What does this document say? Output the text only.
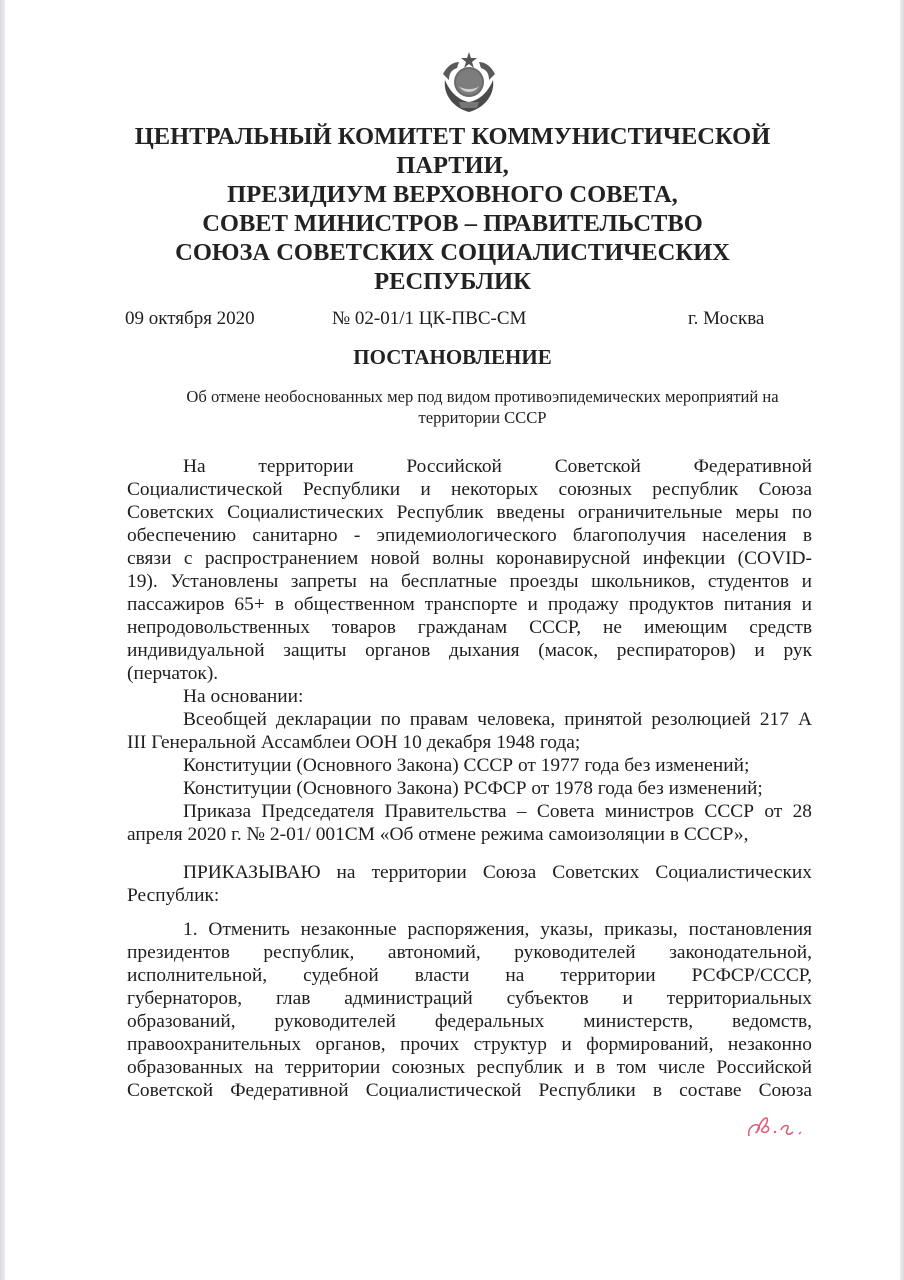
ЦЕНТРАЛЬНЫЙ КОМИТЕТ КОММУНИСТИЧЕСКОЙ
ПАРТИИ,
ПРЕЗИДИУМ ВЕРХОВНОГО СОВЕТА,
СОВЕТ МИНИСТРОВ – ПРАВИТЕЛЬСТВО
СОЮЗА СОВЕТСКИХ СОЦИАЛИСТИЧЕСКИХ
РЕСПУБЛИК
09 октября 2020	№ 02-01/1 ЦК-ПВС-СМ	г. Москва
ПОСТАНОВЛЕНИЕ
Об отмене необоснованных мер под видом противоэпидемических мероприятий на
территории СССР
На территории Российской Советской Федеративной
Социалистической Республики и некоторых союзных республик Союза
Советских Социалистических Республик введены ограничительные меры по
обеспечению санитарно - эпидемиологического благополучия населения в
связи с распространением новой волны коронавирусной инфекции (COVID-
19). Установлены запреты на бесплатные проезды школьников, студентов и
пассажиров 65+ в общественном транспорте и продажу продуктов питания и
непродовольственных товаров гражданам СССР, не имеющим средств
индивидуальной защиты органов дыхания (масок, респираторов) и рук
(перчаток).
На основании:
Всеобщей декларации по правам человека, принятой резолюцией 217 А
III Генеральной Ассамблеи ООН 10 декабря 1948 года;
Конституции (Основного Закона) СССР от 1977 года без изменений;
Конституции (Основного Закона) РСФСР от 1978 года без изменений;
Приказа Председателя Правительства – Совета министров СССР от 28
апреля 2020 г. № 2-01/ 001СМ «Об отмене режима самоизоляции в СССР»,
ПРИКАЗЫВАЮ на территории Союза Советских Социалистических
Республик:
1. Отменить незаконные распоряжения, указы, приказы, постановления
президентов республик, автономий, руководителей законодательной,
исполнительной, судебной власти на территории РСФСР/СССР,
губернаторов, глав администраций субъектов и территориальных
образований, руководителей федеральных министерств, ведомств,
правоохранительных органов, прочих структур и формирований, незаконно
образованных на территории союзных республик и в том числе Российской
Советской Федеративной Социалистической Республики в составе Союза
